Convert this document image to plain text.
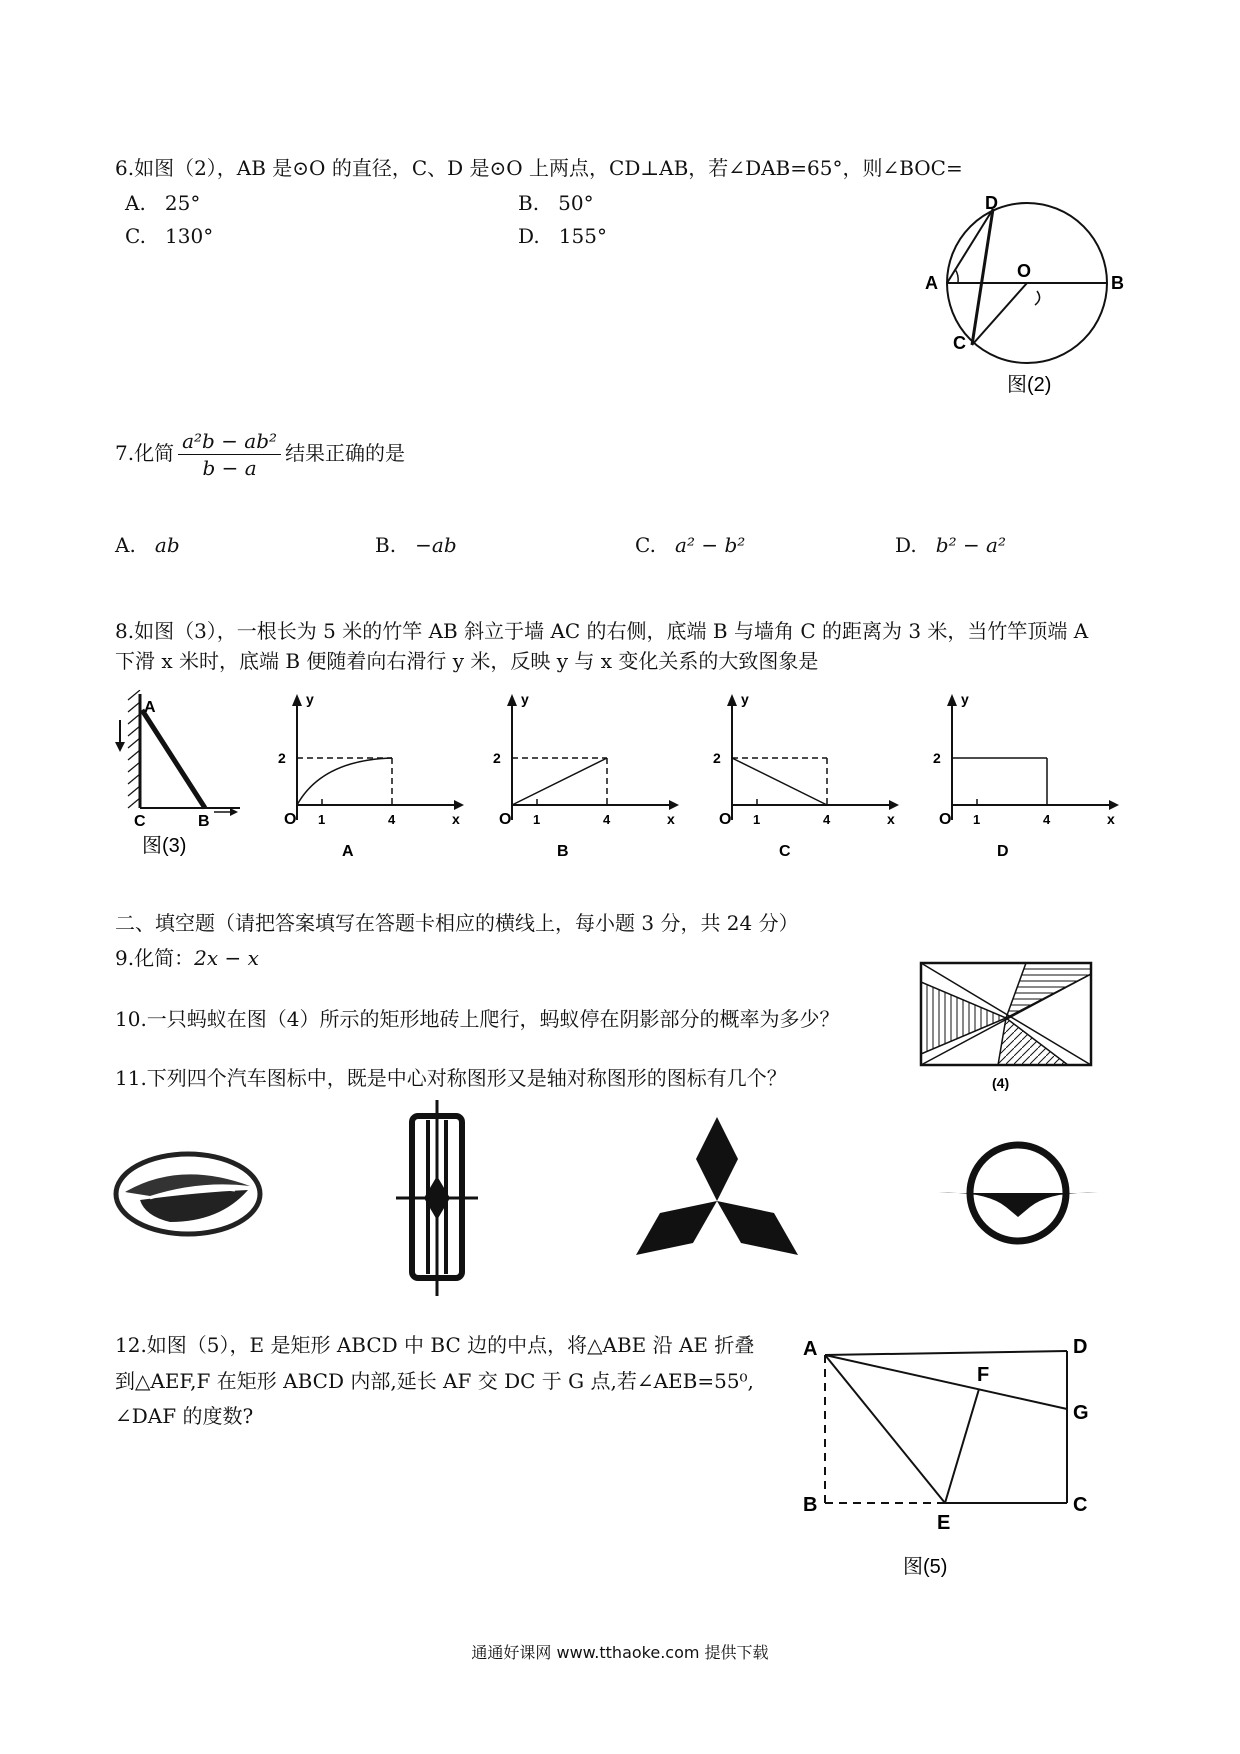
6.如图（2），AB 是⊙O 的直径，C、D 是⊙O 上两点，CD⊥AB，若∠DAB=65°，则∠BOC=
A. 25°	B. 50°
C. 130°	D. 155°
D
A
O
B
C
图(2)
7.化简 $\frac{\text{a²b − ab²}}{b - a}$ 结果正确的是
A. ab	B. −ab	C. a² − b²	D. b² − a²
8.如图（3），一根长为 5 米的竹竿 AB 斜立于墙 AC 的右侧，底端 B 与墙角 C 的距离为 3 米，当竹竿顶端 A
下滑 x 米时，底端 B 便随着向右滑行 y 米，反映 y 与 x 变化关系的大致图象是
A
C	B
图(3)
y
2
O 1	4	x
A
y
2
O 1	4	x
B
y
2
O 1	4	x
C
y
2
O 1	4	x
D
二、填空题（请把答案填写在答题卡相应的横线上，每小题 3 分，共 24 分）
9.化简：2x − x
10.一只蚂蚁在图（4）所示的矩形地砖上爬行，蚂蚁停在阴影部分的概率为多少？
(4)
11.下列四个汽车图标中，既是中心对称图形又是轴对称图形的图标有几个？
12.如图（5），E 是矩形 ABCD 中 BC 边的中点，将△ABE 沿 AE 折叠
到△AEF,F 在矩形 ABCD 内部,延长 AF 交 DC 于 G 点,若∠AEB=55⁰,
∠DAF 的度数?
A	D
F
G
B
E
C
图(5)
通通好课网 www.tthaoke.com 提供下载
